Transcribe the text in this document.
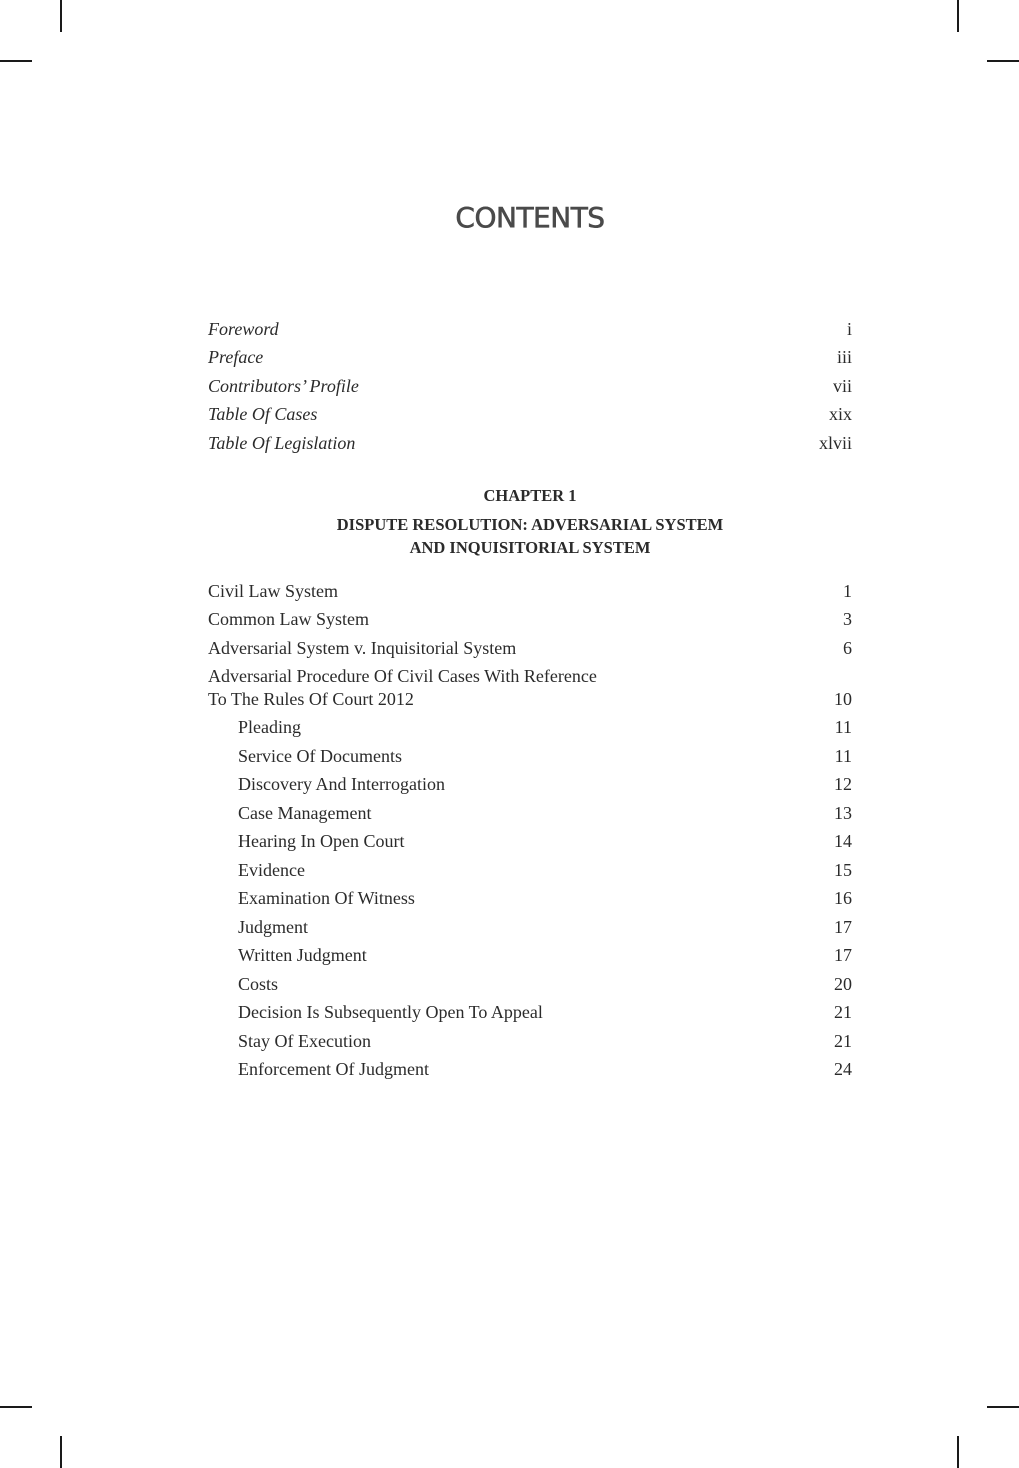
CONTENTS
Foreword	i
Preface	iii
Contributors’ Profile	vii
Table Of Cases	xix
Table Of Legislation	xlvii
CHAPTER 1
DISPUTE RESOLUTION: ADVERSARIAL SYSTEM
AND INQUISITORIAL SYSTEM
Civil Law System	1
Common Law System	3
Adversarial System v. Inquisitorial System	6
Adversarial Procedure Of Civil Cases With Reference
To The Rules Of Court 2012	10
Pleading	11
Service Of Documents	11
Discovery And Interrogation	12
Case Management	13
Hearing In Open Court	14
Evidence	15
Examination Of Witness	16
Judgment	17
Written Judgment	17
Costs	20
Decision Is Subsequently Open To Appeal	21
Stay Of Execution	21
Enforcement Of Judgment	24
